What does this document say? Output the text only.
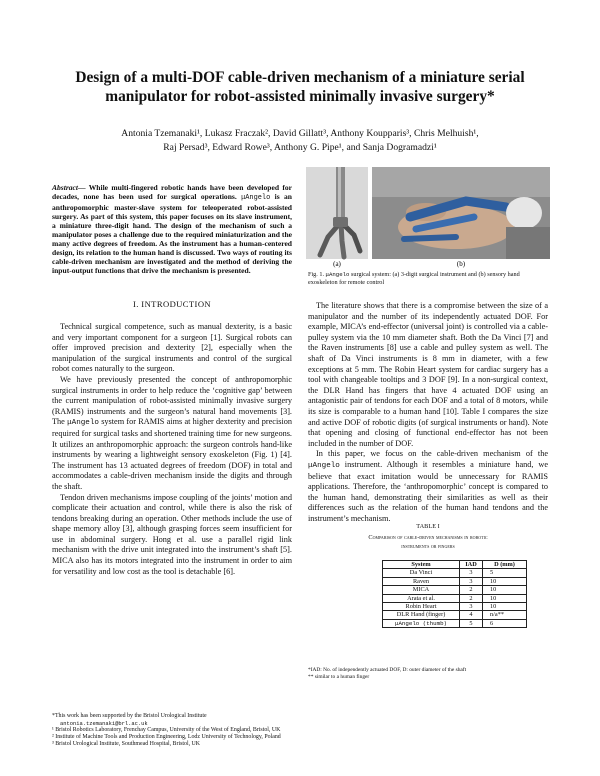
Design of a multi-DOF cable-driven mechanism of a miniature serial manipulator for robot-assisted minimally invasive surgery*
Antonia Tzemanaki¹, Lukasz Fraczak², David Gillatt³, Anthony Koupparis³, Chris Melhuish¹,
Raj Persad³, Edward Rowe³, Anthony G. Pipe¹, and Sanja Dogramadzi¹
Abstract— While multi-fingered robotic hands have been developed for decades, none has been used for surgical operations. μAngelo is an anthropomorphic master-slave system for teleoperated robot-assisted surgery. As part of this system, this paper focuses on its slave instrument, a miniature three-digit hand. The design of the mechanism of such a manipulator poses a challenge due to the required miniaturization and the many active degrees of freedom. As the instrument has a human-centered design, its relation to the human hand is discussed. Two ways of routing its cable-driven mechanism are investigated and the method of deriving the input-output functions that drive the mechanism is presented.
I. INTRODUCTION

Technical surgical competence, such as manual dexterity, is a basic and very important component for a surgeon [1]. Surgical robots can offer improved precision and dexterity [2], especially when the manipulation of the surgical instruments and control of the surgical robot comes naturally to the surgeon.

We have previously presented the concept of anthropomorphic surgical instruments in order to help reduce the ‘cognitive gap’ between the current manipulation of robot-assisted minimally invasive surgery (RAMIS) instruments and the surgeon’s natural hand movements [3]. The μAngelo system for RAMIS aims at higher dexterity and precision required for surgical tasks and shortened training time for new surgeons. It utilizes an anthropomorphic approach: the surgeon controls hand-like instruments by wearing a lightweight sensory exoskeleton (Fig. 1) [4]. The instrument has 13 actuated degrees of freedom (DOF) in total and accommodates a cable-driven mechanism inside the digits and through the shaft.

Tendon driven mechanisms impose coupling of the joints’ motion and complicate their actuation and control, while there is also the risk of tendons breaking during an operation. Other methods include the use of shape memory alloy [3], although grasping forces seem insufficient for use in abdominal surgery. Hong et al. use a parallel rigid link mechanism with the drive unit integrated into the instrument’s shaft [5]. MICA also has its motors integrated into the instrument in order to aim for versatility and low cost as the tool is detachable [6].

*This work has been supported by the Bristol Urological Institute
antonia.tzemanaki@brl.ac.uk
¹ Bristol Robotics Laboratory, Frenchay Campus, University of the West of England, Bristol, UK
² Institute of Machine Tools and Production Engineering, Lodz University of Technology, Poland
³ Bristol Urological Institute, Southmead Hospital, Bristol, UK
(a)	(b)
Fig. 1. μAngelo surgical system: (a) 3-digit surgical instrument and (b) sensory hand exoskeleton for remote control

The literature shows that there is a compromise between the size of a manipulator and the number of its independently actuated DOF. For example, MICA’s end-effector (universal joint) is controlled via a cable-pulley system via the 10 mm diameter shaft. Both the Da Vinci [7] and the Raven instruments [8] use a cable and pulley system as well. The shaft of Da Vinci instruments is 8 mm in diameter, with a few exceptions at 5 mm. The Robin Heart system for cardiac surgery has a tool with changeable tooltips and 3 DOF [9]. In a non-surgical context, the DLR Hand has fingers that have 4 actuated DOF using an antagonistic pair of tendons for each DOF and a total of 8 motors, while its size is comparable to a human hand [10]. Table I compares the size and active DOF of robotic digits (of surgical instruments or hand). Note that opening and closing of functional end-effector has not been included in the number of DOF.

In this paper, we focus on the cable-driven mechanism of the μAngelo instrument. Although it resembles a miniature hand, we believe that exact imitation would be unnecessary for RAMIS applications. Therefore, the ‘anthropomorphic’ concept is compared to the human hand, demonstrating their similarities as well as their differences such as the relation of the human hand tendons and the instrument’s mechanism.

TABLE I
Comparison of cable-driven mechanisms in robotic
instruments or fingers
System	IAD	D (mm)
Da Vinci	3	5
Raven	3	10
MICA	2	10
Arata et al.	2	10
Robin Heart	3	10
DLR Hand (finger)	4	n/a**
μAngelo (thumb)	5	6
*IAD: No. of independently actuated DOF, D: outer diameter of the shaft
** similar to a human finger
